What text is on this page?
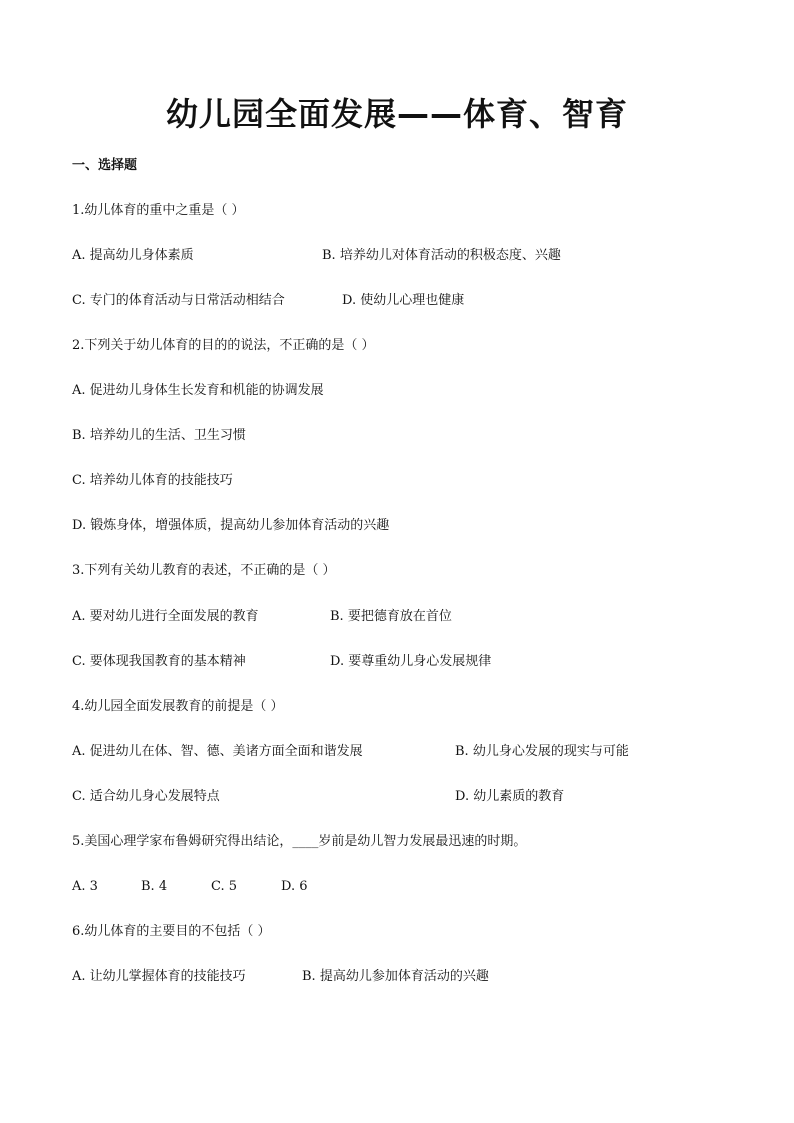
幼儿园全面发展——体育、智育
一、选择题
1.幼儿体育的重中之重是（ ）
A. 提高幼儿身体素质	B. 培养幼儿对体育活动的积极态度、兴趣
C. 专门的体育活动与日常活动相结合	D. 使幼儿心理也健康
2.下列关于幼儿体育的目的的说法，不正确的是（ ）
A. 促进幼儿身体生长发育和机能的协调发展
B. 培养幼儿的生活、卫生习惯
C. 培养幼儿体育的技能技巧
D. 锻炼身体，增强体质，提高幼儿参加体育活动的兴趣
3.下列有关幼儿教育的表述，不正确的是（ ）
A. 要对幼儿进行全面发展的教育	B. 要把德育放在首位
C. 要体现我国教育的基本精神	D. 要尊重幼儿身心发展规律
4.幼儿园全面发展教育的前提是（ ）
A. 促进幼儿在体、智、德、美诸方面全面和谐发展	B. 幼儿身心发展的现实与可能
C. 适合幼儿身心发展特点	D. 幼儿素质的教育
5.美国心理学家布鲁姆研究得出结论，____岁前是幼儿智力发展最迅速的时期。
A. 3	B. 4	C. 5	D. 6
6.幼儿体育的主要目的不包括（ ）
A. 让幼儿掌握体育的技能技巧	B. 提高幼儿参加体育活动的兴趣
